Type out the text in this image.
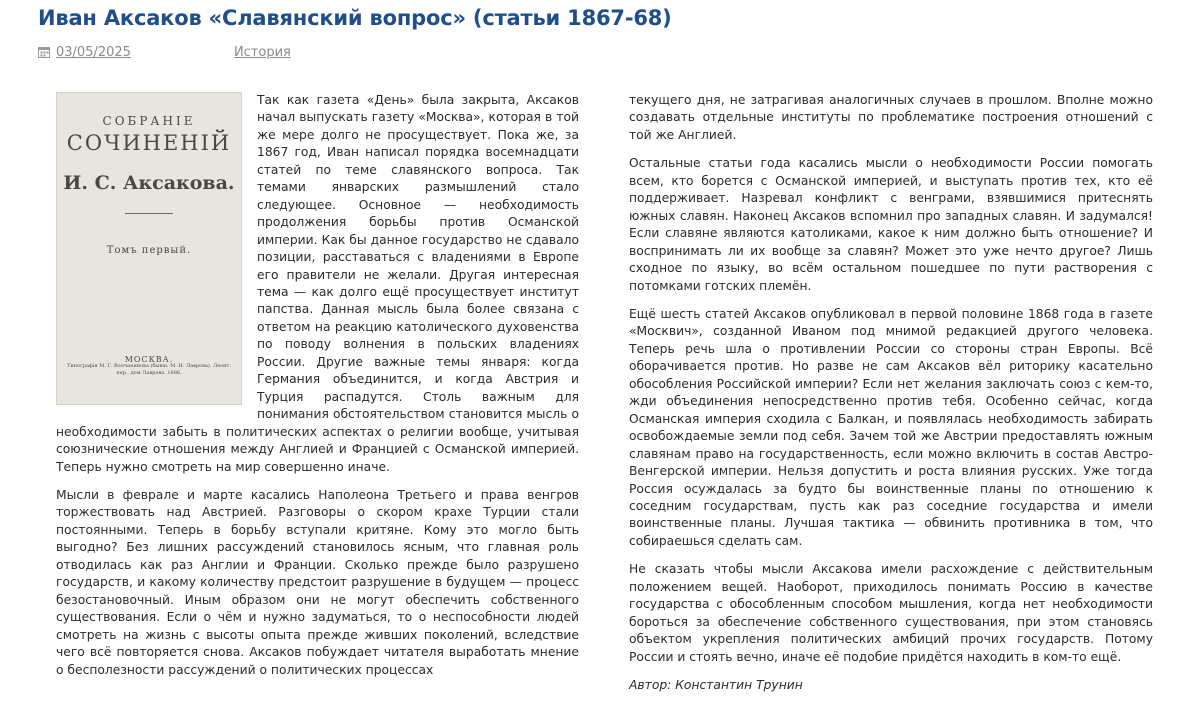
Иван Аксаков «Славянский вопрос» (статьи 1867-68)
03/05/2025	История

СОБРАНІЕ
СОЧИНЕНІЙ
И. С. Аксакова.
Томъ первый.
МОСКВА.
Типографія М. Г. Волчанинова (бывш. М. Н. Лаврова). Леонт. пер., дом Лаврова. 1886.
Так как газета «День» была закрыта, Аксаков начал выпускать газету «Москва», которая в той же мере долго не просуществует. Пока же, за 1867 год, Иван написал порядка восемнадцати статей по теме славянского вопроса. Так темами январских размышлений стало следующее. Основное — необходимость продолжения борьбы против Османской империи. Как бы данное государство не сдавало позиции, расставаться с владениями в Европе его правители не желали. Другая интересная тема — как долго ещё просуществует институт папства. Данная мысль была более связана с ответом на реакцию католического духовенства по поводу волнения в польских владениях России. Другие важные темы января: когда Германия объединится, и когда Австрия и Турция распадутся. Столь важным для понимания обстоятельством становится мысль о необходимости забыть в политических аспектах о религии вообще, учитывая союзнические отношения между Англией и Францией с Османской империей. Теперь нужно смотреть на мир совершенно иначе.

Мысли в феврале и марте касались Наполеона Третьего и права венгров торжествовать над Австрией. Разговоры о скором крахе Турции стали постоянными. Теперь в борьбу вступали критяне. Кому это могло быть выгодно? Без лишних рассуждений становилось ясным, что главная роль отводилась как раз Англии и Франции. Сколько прежде было разрушено государств, и какому количеству предстоит разрушение в будущем — процесс безостановочный. Иным образом они не могут обеспечить собственного существования. Если о чём и нужно задуматься, то о неспособности людей смотреть на жизнь с высоты опыта прежде живших поколений, вследствие чего всё повторяется снова. Аксаков побуждает читателя выработать мнение о бесполезности рассуждений о политических процессах

текущего дня, не затрагивая аналогичных случаев в прошлом. Вполне можно создавать отдельные институты по проблематике построения отношений с той же Англией.

Остальные статьи года касались мысли о необходимости России помогать всем, кто борется с Османской империей, и выступать против тех, кто её поддерживает. Назревал конфликт с венграми, взявшимися притеснять южных славян. Наконец Аксаков вспомнил про западных славян. И задумался! Если славяне являются католиками, какое к ним должно быть отношение? И воспринимать ли их вообще за славян? Может это уже нечто другое? Лишь сходное по языку, во всём остальном пошедшее по пути растворения с потомками готских племён.

Ещё шесть статей Аксаков опубликовал в первой половине 1868 года в газете «Москвич», созданной Иваном под мнимой редакцией другого человека. Теперь речь шла о противлении России со стороны стран Европы. Всё оборачивается против. Но разве не сам Аксаков вёл риторику касательно обособления Российской империи? Если нет желания заключать союз с кем-то, жди объединения непосредственно против тебя. Особенно сейчас, когда Османская империя сходила с Балкан, и появлялась необходимость забирать освобождаемые земли под себя. Зачем той же Австрии предоставлять южным славянам право на государственность, если можно включить в состав Австро-Венгерской империи. Нельзя допустить и роста влияния русских. Уже тогда Россия осуждалась за будто бы воинственные планы по отношению к соседним государствам, пусть как раз соседние государства и имели воинственные планы. Лучшая тактика — обвинить противника в том, что собираешься сделать сам.

Не сказать чтобы мысли Аксакова имели расхождение с действительным положением вещей. Наоборот, приходилось понимать Россию в качестве государства с обособленным способом мышления, когда нет необходимости бороться за обеспечение собственного существования, при этом становясь объектом укрепления политических амбиций прочих государств. Потому России и стоять вечно, иначе её подобие придётся находить в ком-то ещё.

Автор: Константин Трунин
